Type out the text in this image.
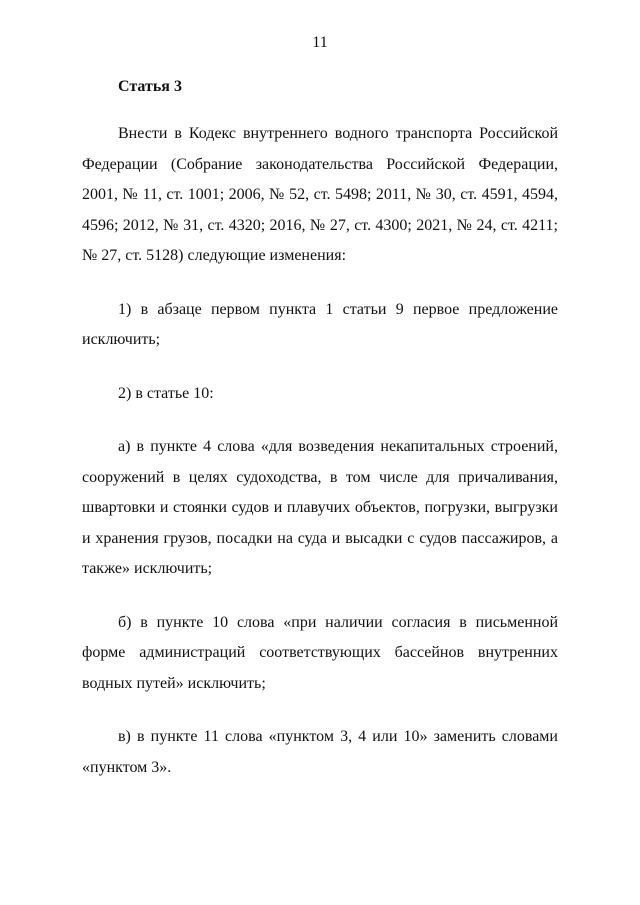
11
Статья 3

Внести в Кодекс внутреннего водного транспорта Российской Федерации (Собрание законодательства Российской Федерации, 2001, № 11, ст. 1001; 2006, № 52, ст. 5498; 2011, № 30, ст. 4591, 4594, 4596; 2012, № 31, ст. 4320; 2016, № 27, ст. 4300; 2021, № 24, ст. 4211; № 27, ст. 5128) следующие изменения:

1) в абзаце первом пункта 1 статьи 9 первое предложение исключить;

2) в статье 10:

а) в пункте 4 слова «для возведения некапитальных строений, сооружений в целях судоходства, в том числе для причаливания, швартовки и стоянки судов и плавучих объектов, погрузки, выгрузки и хранения грузов, посадки на суда и высадки с судов пассажиров, а также» исключить;

б) в пункте 10 слова «при наличии согласия в письменной форме администраций соответствующих бассейнов внутренних водных путей» исключить;

в) в пункте 11 слова «пунктом 3, 4 или 10» заменить словами «пунктом 3».
